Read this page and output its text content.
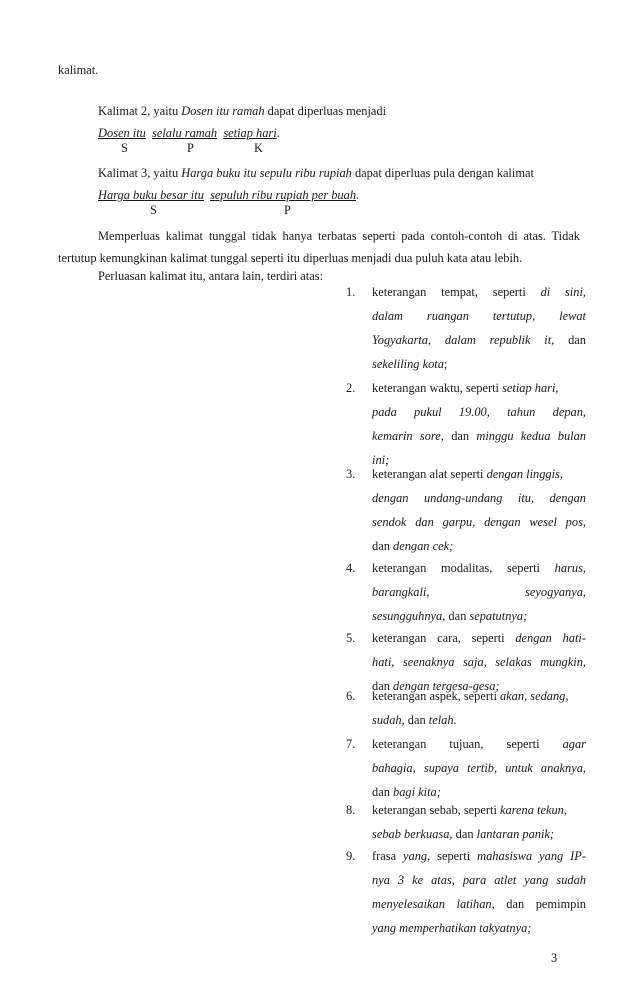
kalimat.
Kalimat 2, yaitu Dosen itu ramah dapat diperluas menjadi
Dosen itu selalu ramah setiap hari.
S	P	K
Kalimat 3, yaitu Harga buku itu sepulu ribu rupiah dapat diperluas pula dengan kalimat
Harga buku besar itu sepuluh ribu rupiah per buah.
S	P
Memperluas kalimat tunggal tidak hanya terbatas seperti pada contoh-contoh di atas. Tidak
tertutup kemungkinan kalimat tunggal seperti itu diperluas menjadi dua puluh kata atau lebih.
Perluasan kalimat itu, antara lain, terdiri atas:
1. keterangan tempat, seperti di sini,
dalam ruangan tertutup, lewat
Yogyakarta, dalam republik it, dan
sekeliling kota;
2. keterangan waktu, seperti setiap hari,
pada pukul 19.00, tahun depan,
kemarin sore, dan minggu kedua bulan
ini;
3. keterangan alat seperti dengan linggis,
dengan undang-undang itu, dengan
sendok dan garpu, dengan wesel pos,
dan dengan cek;
4. keterangan modalitas, seperti harus,
barangkali, seyogyanya,
sesungguhnya, dan sepatutnya;
5. keterangan cara, seperti dengan hati-
hati, seenaknya saja, selakas mungkin,
dan dengan tergesa-gesa;
6. keterangan aspek, seperti akan, sedang,
sudah, dan telah.
7. keterangan tujuan, seperti agar
bahagia, supaya tertib, untuk anaknya,
dan bagi kita;
8. keterangan sebab, seperti karena tekun,
sebab berkuasa, dan lantaran panik;
9. frasa yang, seperti mahasiswa yang IP-
nya 3 ke atas, para atlet yang sudah
menyelesaikan latihan, dan pemimpin
yang memperhatikan takyatnya;
3
